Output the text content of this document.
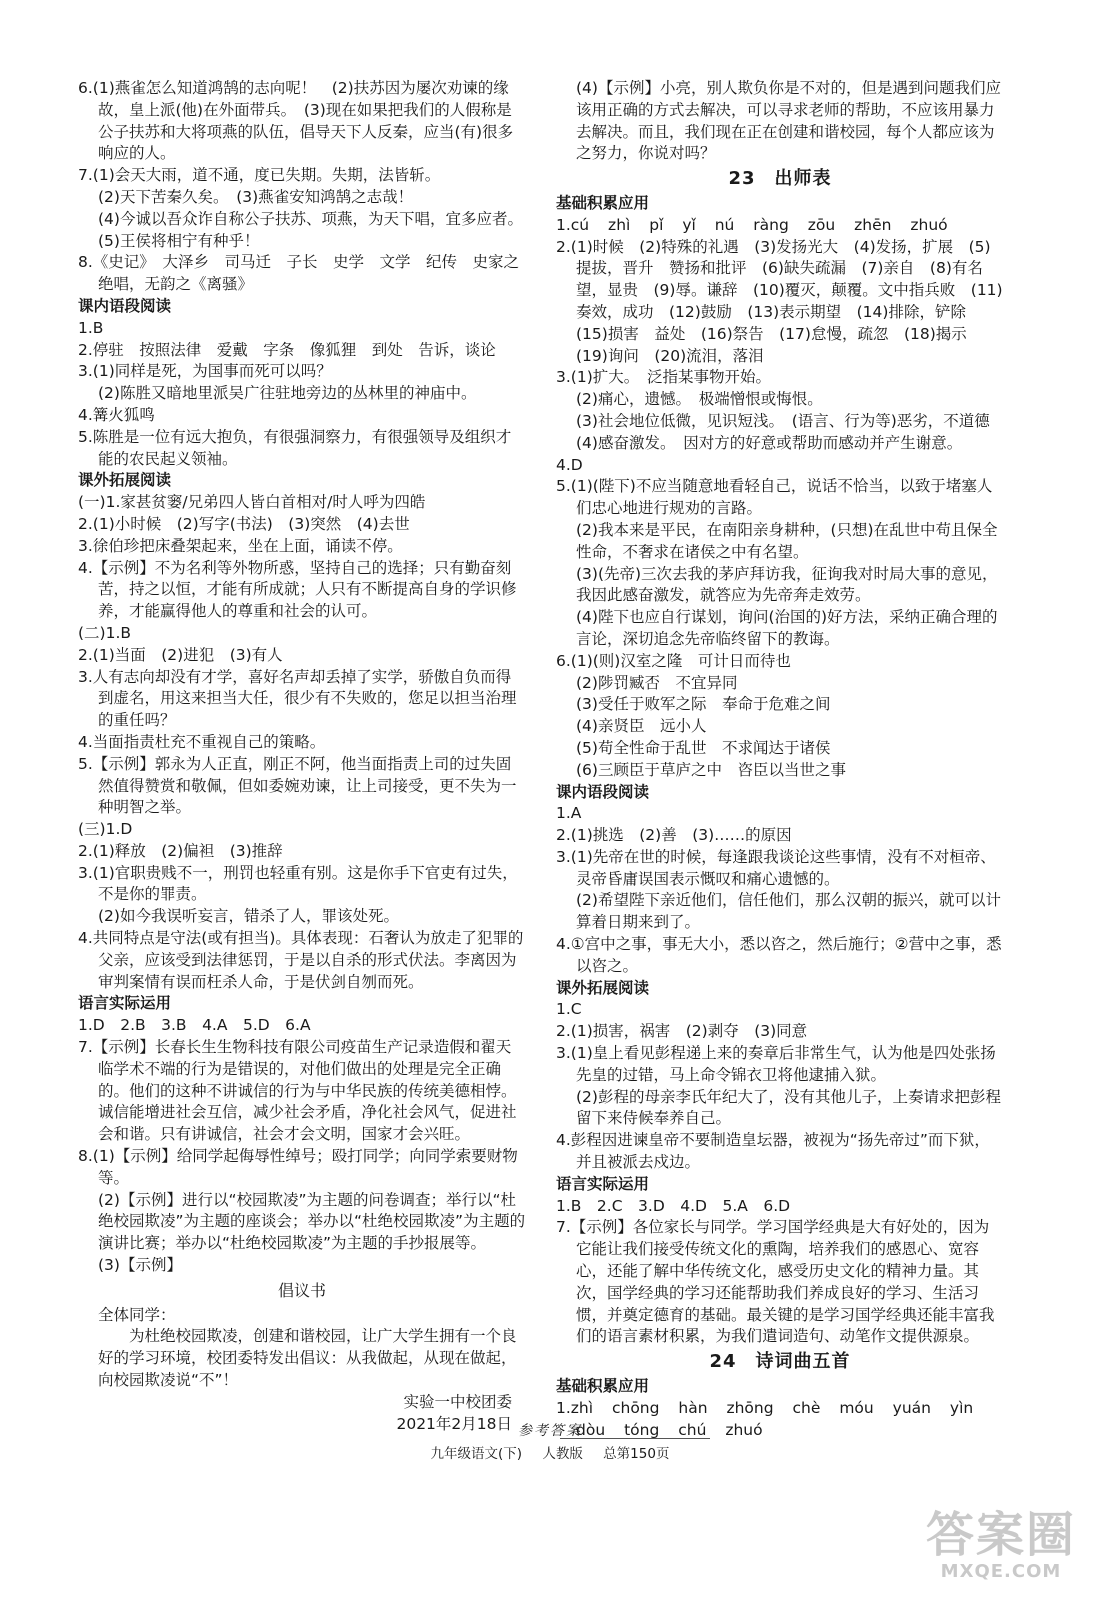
6.(1)燕雀怎么知道鸿鹄的志向呢！　(2)扶苏因为屡次劝谏的缘故，皇上派(他)在外面带兵。　(3)现在如果把我们的人假称是公子扶苏和大将项燕的队伍，倡导天下人反秦，应当(有)很多响应的人。

7.(1)会天大雨，道不通，度已失期。失期，法皆斩。

(2)天下苦秦久矣。　(3)燕雀安知鸿鹄之志哉！

(4)今诚以吾众诈自称公子扶苏、项燕，为天下唱，宜多应者。

(5)王侯将相宁有种乎！

8.《史记》　大泽乡　司马迁　子长　史学　文学　纪传　史家之绝唱，无韵之《离骚》

课内语段阅读

1.B

2.停驻　按照法律　爱戴　字条　像狐狸　到处　告诉，谈论

3.(1)同样是死，为国事而死可以吗？

(2)陈胜又暗地里派吴广往驻地旁边的丛林里的神庙中。

4.篝火狐鸣

5.陈胜是一位有远大抱负，有很强洞察力，有很强领导及组织才能的农民起义领袖。

课外拓展阅读

(一)1.家甚贫窭/兄弟四人皆白首相对/时人呼为四皓

2.(1)小时候　(2)写字(书法)　(3)突然　(4)去世

3.徐伯珍把床叠架起来，坐在上面，诵读不停。

4.【示例】不为名利等外物所惑，坚持自己的选择；只有勤奋刻苦，持之以恒，才能有所成就；人只有不断提高自身的学识修养，才能赢得他人的尊重和社会的认可。

(二)1.B

2.(1)当面　(2)进犯　(3)有人

3.人有志向却没有才学，喜好名声却丢掉了实学，骄傲自负而得到虚名，用这来担当大任，很少有不失败的，您足以担当治理的重任吗？

4.当面指责杜充不重视自己的策略。

5.【示例】郭永为人正直，刚正不阿，他当面指责上司的过失固然值得赞赏和敬佩，但如委婉劝谏，让上司接受，更不失为一种明智之举。

(三)1.D

2.(1)释放　(2)偏袒　(3)推辞

3.(1)官职贵贱不一，刑罚也轻重有别。这是你手下官吏有过失，不是你的罪责。

(2)如今我误听妄言，错杀了人，罪该处死。

4.共同特点是守法(或有担当)。具体表现：石奢认为放走了犯罪的父亲，应该受到法律惩罚，于是以自杀的形式伏法。李离因为审判案情有误而枉杀人命，于是伏剑自刎而死。

语言实际运用

1.D　2.B　3.B　4.A　5.D　6.A

7.【示例】长春长生生物科技有限公司疫苗生产记录造假和翟天临学术不端的行为是错误的，对他们做出的处理是完全正确的。他们的这种不讲诚信的行为与中华民族的传统美德相悖。诚信能增进社会互信，减少社会矛盾，净化社会风气，促进社会和谐。只有讲诚信，社会才会文明，国家才会兴旺。

8.(1)【示例】给同学起侮辱性绰号；殴打同学；向同学索要财物等。

(2)【示例】进行以“校园欺凌”为主题的问卷调查；举行以“杜绝校园欺凌”为主题的座谈会；举办以“杜绝校园欺凌”为主题的演讲比赛；举办以“杜绝校园欺凌”为主题的手抄报展等。

(3)【示例】

倡议书

全体同学：

　　为杜绝校园欺凌，创建和谐校园，让广大学生拥有一个良好的学习环境，校团委特发出倡议：从我做起，从现在做起，向校园欺凌说“不”！

实验一中校团委

2021年2月18日

(4)【示例】小亮，别人欺负你是不对的，但是遇到问题我们应该用正确的方式去解决，可以寻求老师的帮助，不应该用暴力去解决。而且，我们现在正在创建和谐校园，每个人都应该为之努力，你说对吗？

23　出师表

基础积累应用

1.cú zhì pǐ yǐ nú ràng zōu zhēn zhuó

2.(1)时候　(2)特殊的礼遇　(3)发扬光大　(4)发扬，扩展　(5)提拔，晋升　赞扬和批评　(6)缺失疏漏　(7)亲自　(8)有名望，显贵　(9)辱。谦辞　(10)覆灭，颠覆。文中指兵败　(11)奏效，成功　(12)鼓励　(13)表示期望　(14)排除，铲除　(15)损害　益处　(16)祭告　(17)怠慢，疏忽　(18)揭示　(19)询问　(20)流泪，落泪

3.(1)扩大。　泛指某事物开始。

(2)痛心，遗憾。　极端憎恨或悔恨。

(3)社会地位低微，见识短浅。　(语言、行为等)恶劣，不道德

(4)感奋激发。　因对方的好意或帮助而感动并产生谢意。

4.D

5.(1)(陛下)不应当随意地看轻自己，说话不恰当，以致于堵塞人们忠心地进行规劝的言路。

(2)我本来是平民，在南阳亲身耕种，(只想)在乱世中苟且保全性命，不奢求在诸侯之中有名望。

(3)(先帝)三次去我的茅庐拜访我，征询我对时局大事的意见，我因此感奋激发，就答应为先帝奔走效劳。

(4)陛下也应自行谋划，询问(治国的)好方法，采纳正确合理的言论，深切追念先帝临终留下的教诲。

6.(1)(则)汉室之隆　可计日而待也

(2)陟罚臧否　不宜异同

(3)受任于败军之际　奉命于危难之间

(4)亲贤臣　远小人

(5)苟全性命于乱世　不求闻达于诸侯

(6)三顾臣于草庐之中　咨臣以当世之事

课内语段阅读

1.A

2.(1)挑选　(2)善　(3)……的原因

3.(1)先帝在世的时候，每逢跟我谈论这些事情，没有不对桓帝、灵帝昏庸误国表示慨叹和痛心遗憾的。

(2)希望陛下亲近他们，信任他们，那么汉朝的振兴，就可以计算着日期来到了。

4.①宫中之事，事无大小，悉以咨之，然后施行；②营中之事，悉以咨之。

课外拓展阅读

1.C

2.(1)损害，祸害　(2)剥夺　(3)同意

3.(1)皇上看见彭程递上来的奏章后非常生气，认为他是四处张扬先皇的过错，马上命令锦衣卫将他逮捕入狱。

(2)彭程的母亲李氏年纪大了，没有其他儿子，上奏请求把彭程留下来侍候奉养自己。

4.彭程因进谏皇帝不要制造皇坛器，被视为“扬先帝过”而下狱，并且被派去戍边。

语言实际运用

1.B　2.C　3.D　4.D　5.A　6.D

7.【示例】各位家长与同学。学习国学经典是大有好处的，因为它能让我们接受传统文化的熏陶，培养我们的感恩心、宽容心，还能了解中华传统文化，感受历史文化的精神力量。其次，国学经典的学习还能帮助我们养成良好的学习、生活习惯，并奠定德育的基础。最关键的是学习国学经典还能丰富我们的语言素材积累，为我们遣词造句、动笔作文提供源泉。

24　诗词曲五首

基础积累应用

1.zhì chōng hàn zhōng chè móu yuán yìn dòu tóng chú zhuó

参考答案
九年级语文(下) 人教版 总第150页
答案圈
MXQE.COM
